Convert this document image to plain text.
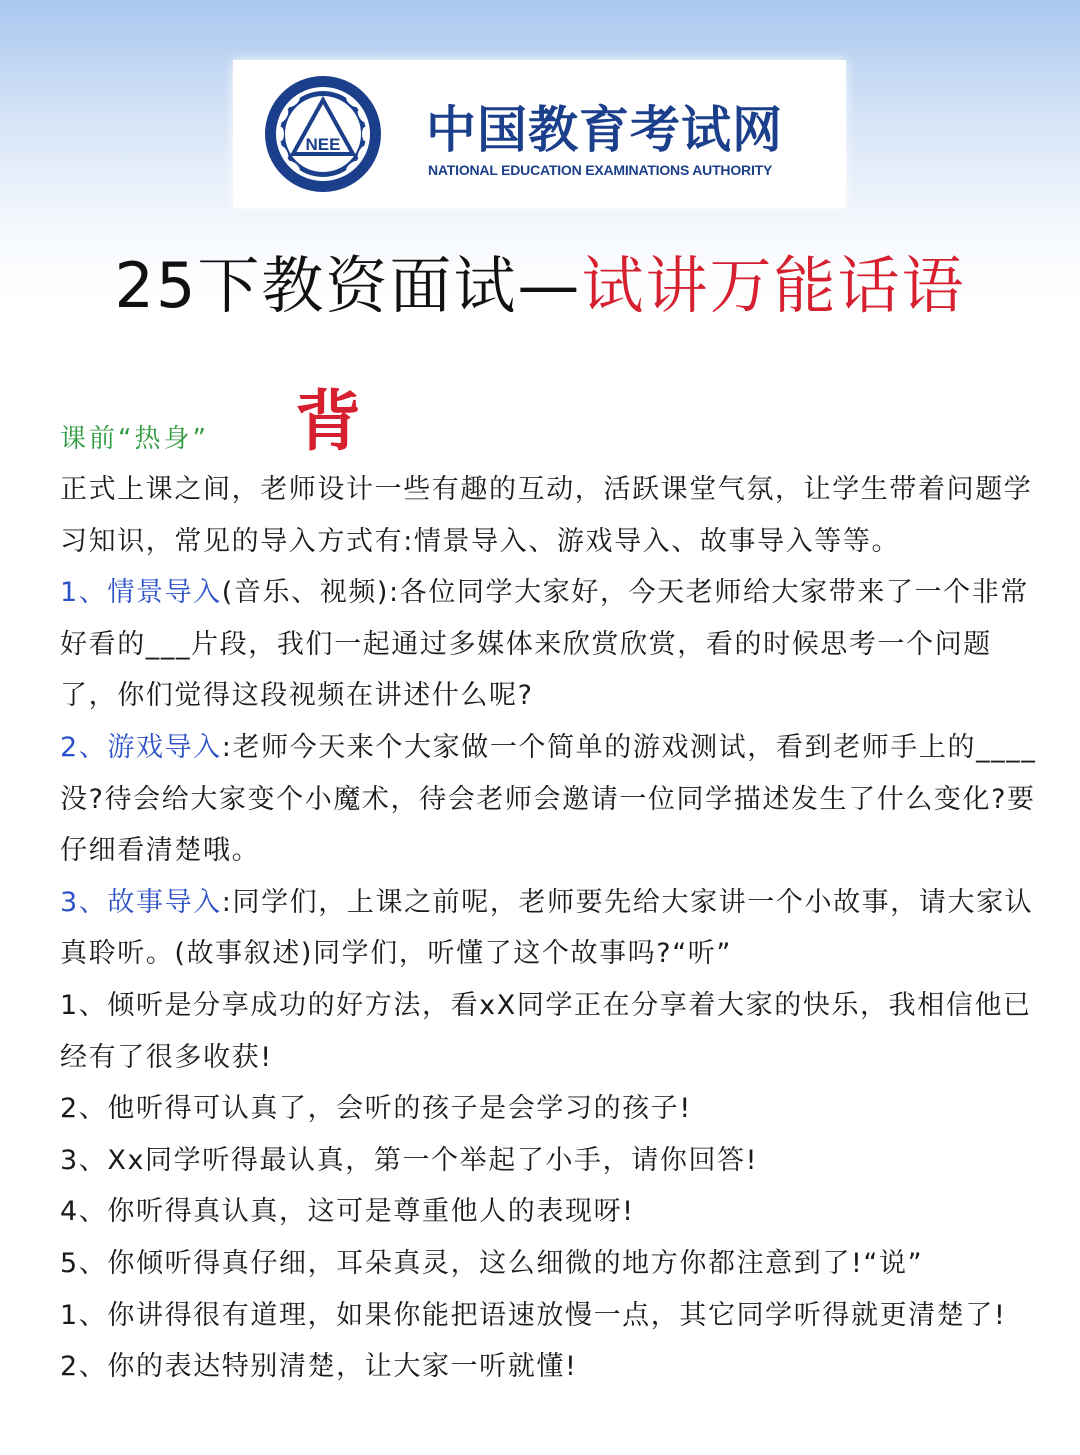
NEE 中国教育考试网
NATIONAL EDUCATION EXAMINATIONS AUTHORITY
25下教资面试—试讲万能话语
课前“热身” 背

正式上课之间，老师设计一些有趣的互动，活跃课堂气氛，让学生带着问题学习知识，常见的导入方式有:情景导入、游戏导入、故事导入等等。

1、情景导入(音乐、视频):各位同学大家好，今天老师给大家带来了一个非常好看的___片段，我们一起通过多媒体来欣赏欣赏，看的时候思考一个问题了，你们觉得这段视频在讲述什么呢?

2、游戏导入:老师今天来个大家做一个简单的游戏测试，看到老师手上的____没?待会给大家变个小魔术，待会老师会邀请一位同学描述发生了什么变化?要仔细看清楚哦。

3、故事导入:同学们，上课之前呢，老师要先给大家讲一个小故事，请大家认真聆听。(故事叙述)同学们，听懂了这个故事吗?“听”

1、倾听是分享成功的好方法，看xX同学正在分享着大家的快乐，我相信他已经有了很多收获!

2、他听得可认真了，会听的孩子是会学习的孩子!

3、Xx同学听得最认真，第一个举起了小手，请你回答!

4、你听得真认真，这可是尊重他人的表现呀!

5、你倾听得真仔细，耳朵真灵，这么细微的地方你都注意到了!“说”

1、你讲得很有道理，如果你能把语速放慢一点，其它同学听得就更清楚了!

2、你的表达特别清楚，让大家一听就懂!
